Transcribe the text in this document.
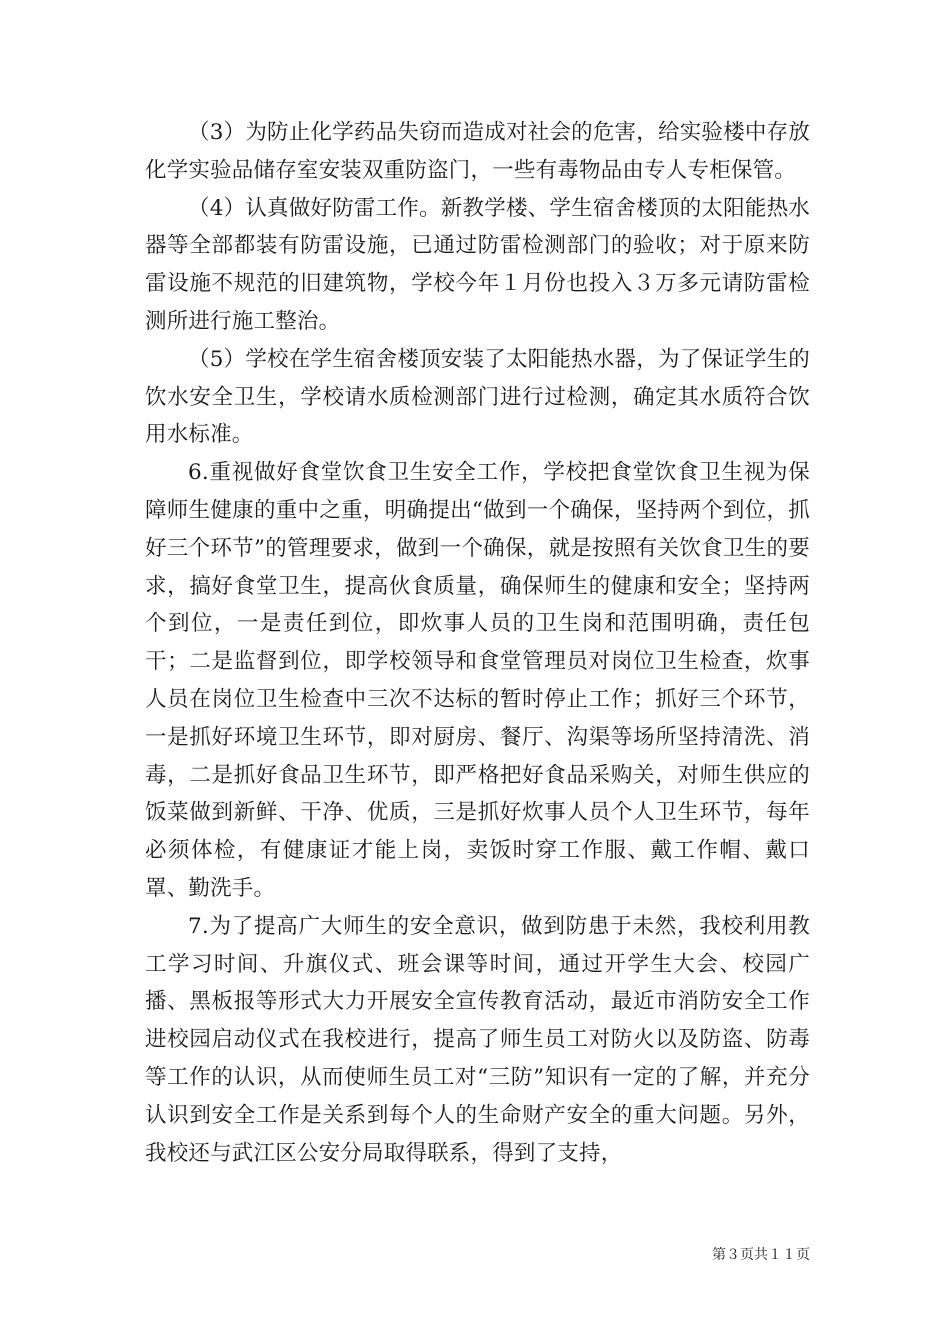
（3）为防止化学药品失窃而造成对社会的危害，给实验楼中存放化学实验品储存室安装双重防盗门，一些有毒物品由专人专柜保管。

（4）认真做好防雷工作。新教学楼、学生宿舍楼顶的太阳能热水器等全部都装有防雷设施，已通过防雷检测部门的验收；对于原来防雷设施不规范的旧建筑物，学校今年１月份也投入３万多元请防雷检测所进行施工整治。

（5）学校在学生宿舍楼顶安装了太阳能热水器，为了保证学生的饮水安全卫生，学校请水质检测部门进行过检测，确定其水质符合饮用水标准。

6.重视做好食堂饮食卫生安全工作，学校把食堂饮食卫生视为保障师生健康的重中之重，明确提出“做到一个确保，坚持两个到位，抓好三个环节”的管理要求，做到一个确保，就是按照有关饮食卫生的要求，搞好食堂卫生，提高伙食质量，确保师生的健康和安全；坚持两个到位，一是责任到位，即炊事人员的卫生岗和范围明确，责任包干；二是监督到位，即学校领导和食堂管理员对岗位卫生检查，炊事人员在岗位卫生检查中三次不达标的暂时停止工作；抓好三个环节，一是抓好环境卫生环节，即对厨房、餐厅、沟渠等场所坚持清洗、消毒，二是抓好食品卫生环节，即严格把好食品采购关，对师生供应的饭菜做到新鲜、干净、优质，三是抓好炊事人员个人卫生环节，每年必须体检，有健康证才能上岗，卖饭时穿工作服、戴工作帽、戴口罩、勤洗手。

7.为了提高广大师生的安全意识，做到防患于未然，我校利用教工学习时间、升旗仪式、班会课等时间，通过开学生大会、校园广播、黑板报等形式大力开展安全宣传教育活动，最近市消防安全工作进校园启动仪式在我校进行，提高了师生员工对防火以及防盗、防毒等工作的认识，从而使师生员工对“三防”知识有一定的了解，并充分认识到安全工作是关系到每个人的生命财产安全的重大问题。另外，我校还与武江区公安分局取得联系，得到了支持，

第３页共１１页
